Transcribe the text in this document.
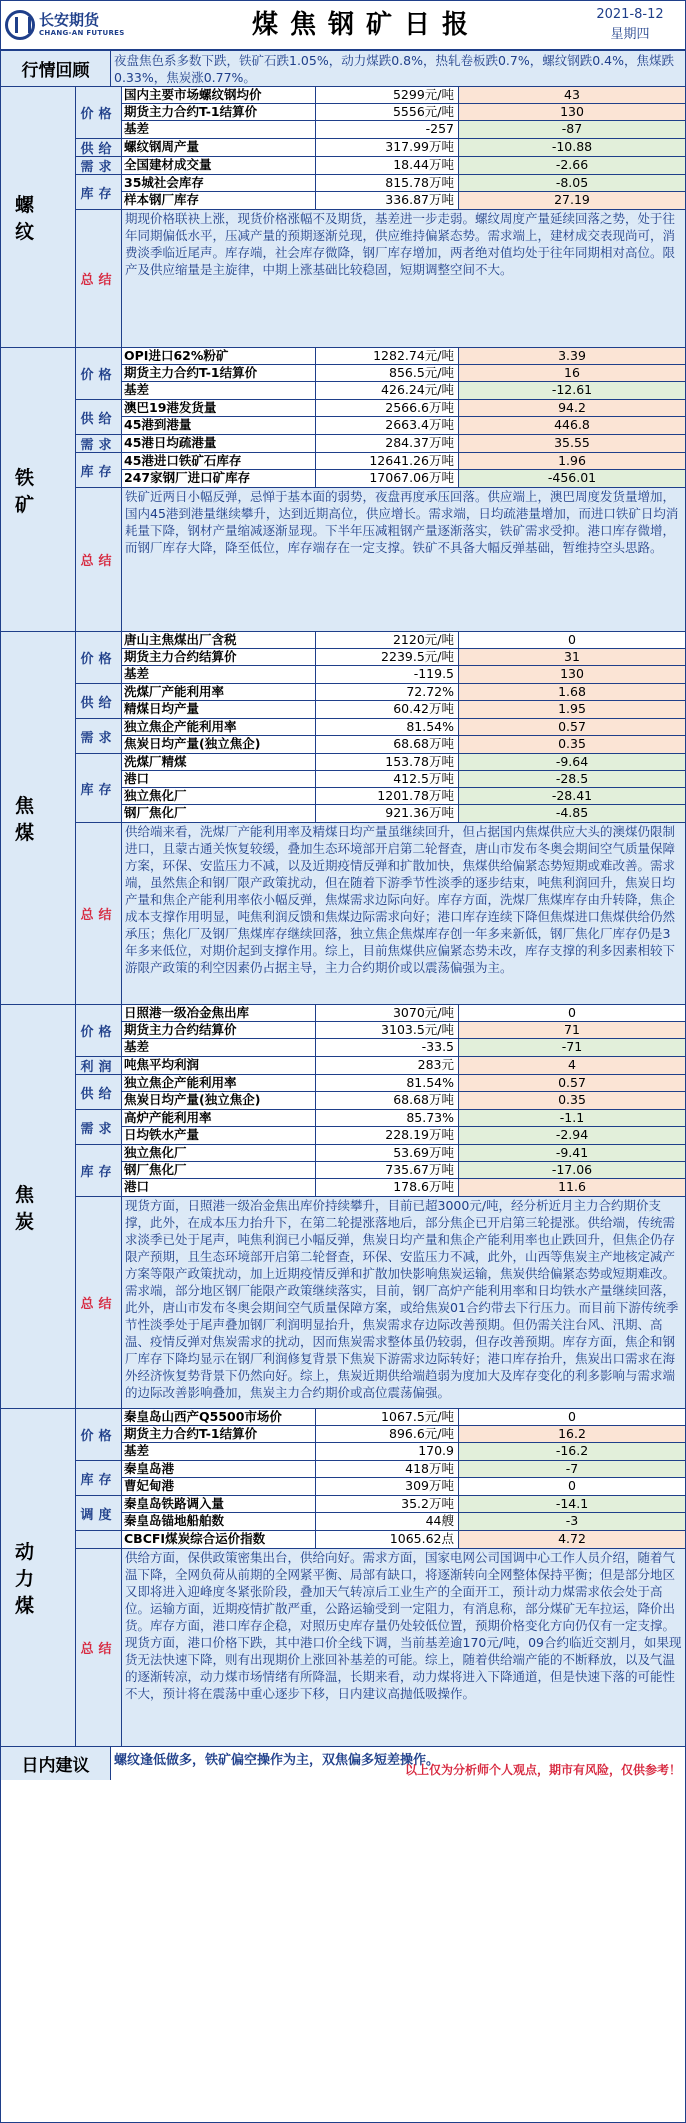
长安期货
CHANG-AN FUTURES	煤焦钢矿日报	2021-8-12
星期四
行情回顾
夜盘焦色系多数下跌，铁矿石跌1.05%，动力煤跌0.8%，热轧卷板跌0.7%，螺纹钢跌0.4%，焦煤跌0.33%，焦炭涨0.77%。
螺纹
价格
国内主要市场螺纹钢均价	5299元/吨	43
期货主力合约T-1结算价	5556元/吨	130
基差	-257	-87
供给 螺纹钢周产量	317.99万吨	-10.88
需求 全国建材成交量	18.44万吨	-2.66
库存
35城社会库存	815.78万吨	-8.05
样本钢厂库存	336.87万吨	27.19
总结
期现价格联袂上涨，现货价格涨幅不及期货，基差进一步走弱。螺纹周度产量延续回落之势，处于往年同期偏低水平，压减产量的预期逐渐兑现，供应维持偏紧态势。需求端上，建材成交表现尚可，消费淡季临近尾声。库存端，社会库存微降，钢厂库存增加，两者绝对值均处于往年同期相对高位。限产及供应缩量是主旋律，中期上涨基础比较稳固，短期调整空间不大。
铁矿
价格
OPI进口62%粉矿	1282.74元/吨	3.39
期货主力合约T-1结算价	856.5元/吨	16
基差	426.24元/吨	-12.61
供给
澳巴19港发货量	2566.6万吨	94.2
45港到港量	2663.4万吨	446.8
需求 45港日均疏港量	284.37万吨	35.55
库存
45港进口铁矿石库存	12641.26万吨	1.96
247家钢厂进口矿库存	17067.06万吨	-456.01
总结
铁矿近两日小幅反弹，忌惮于基本面的弱势，夜盘再度承压回落。供应端上，澳巴周度发货量增加，国内45港到港量继续攀升，达到近期高位，供应增长。需求端，日均疏港量增加，而进口铁矿日均消耗量下降，钢材产量缩减逐渐显现。下半年压减粗钢产量逐渐落实，铁矿需求受抑。港口库存微增，而钢厂库存大降，降至低位，库存端存在一定支撑。铁矿不具备大幅反弹基础，暂维持空头思路。
焦煤
价格
唐山主焦煤出厂含税	2120元/吨	0
期货主力合约结算价	2239.5元/吨	31
基差	-119.5	130
供给
洗煤厂产能利用率	72.72%	1.68
精煤日均产量	60.42万吨	1.95
需求
独立焦企产能利用率	81.54%	0.57
焦炭日均产量(独立焦企)	68.68万吨	0.35
库存
洗煤厂精煤	153.78万吨	-9.64
港口	412.5万吨	-28.5
独立焦化厂	1201.78万吨	-28.41
钢厂焦化厂	921.36万吨	-4.85
总结
供给端来看，洗煤厂产能利用率及精煤日均产量虽继续回升，但占据国内焦煤供应大头的澳煤仍限制进口，且蒙古通关恢复较缓，叠加生态环境部开启第二轮督查，唐山市发布冬奥会期间空气质量保障方案，环保、安监压力不减，以及近期疫情反弹和扩散加快，焦煤供给偏紧态势短期或难改善。需求端，虽然焦企和钢厂限产政策扰动，但在随着下游季节性淡季的逐步结束，吨焦利润回升，焦炭日均产量和焦企产能利用率依小幅反弹，焦煤需求边际向好。库存方面，洗煤厂焦煤库存由升转降，焦企成本支撑作用明显，吨焦利润反馈和焦煤边际需求向好；港口库存连续下降但焦煤进口焦煤供给仍然承压；焦化厂及钢厂焦煤库存继续回落，独立焦企焦煤库存创一年多来新低，钢厂焦化厂库存仍是3年多来低位，对期价起到支撑作用。综上，目前焦煤供应偏紧态势未改，库存支撑的利多因素相较下游限产政策的利空因素仍占据主导，主力合约期价或以震荡偏强为主。
焦炭
价格
日照港一级冶金焦出库	3070元/吨	0
期货主力合约结算价	3103.5元/吨	71
基差	-33.5	-71
利润 吨焦平均利润	283元	4
供给
独立焦企产能利用率	81.54%	0.57
焦炭日均产量(独立焦企)	68.68万吨	0.35
需求
高炉产能利用率	85.73%	-1.1
日均铁水产量	228.19万吨	-2.94
库存
独立焦化厂	53.69万吨	-9.41
钢厂焦化厂	735.67万吨	-17.06
港口	178.6万吨	11.6
总结
现货方面，日照港一级冶金焦出库价持续攀升，目前已超3000元/吨，经分析近月主力合约期价支撑，此外，在成本压力抬升下，在第二轮提涨落地后，部分焦企已开启第三轮提涨。供给端，传统需求淡季已处于尾声，吨焦利润已小幅反弹，焦炭日均产量和焦企产能利用率也止跌回升，但焦企仍存限产预期，且生态环境部开启第二轮督查，环保、安监压力不减，此外，山西等焦炭主产地核定减产方案等限产政策扰动，加上近期疫情反弹和扩散加快影响焦炭运输，焦炭供给偏紧态势或短期难改。需求端，部分地区钢厂能限产政策继续落实，目前，钢厂高炉产能利用率和日均铁水产量继续回落，此外，唐山市发布冬奥会期间空气质量保障方案，或给焦炭01合约带去下行压力。而目前下游传统季节性淡季处于尾声叠加钢厂利润明显抬升，焦炭需求存边际改善预期。但仍需关注台风、汛期、高温、疫情反弹对焦炭需求的扰动，因而焦炭需求整体虽仍较弱，但存改善预期。库存方面，焦企和钢厂库存下降均显示在钢厂利润修复背景下焦炭下游需求边际转好；港口库存抬升，焦炭出口需求在海外经济恢复势背景下仍然向好。综上，焦炭近期供给端趋弱为度加大及库存变化的利多影响与需求端的边际改善影响叠加，焦炭主力合约期价或高位震荡偏强。
动力煤
价格
秦皇岛山西产Q5500市场价	1067.5元/吨	0
期货主力合约T-1结算价	896.6元/吨	16.2
基差	170.9	-16.2
库存
秦皇岛港	418万吨	-7
曹妃甸港	309万吨	0
调度
秦皇岛铁路调入量	35.2万吨	-14.1
秦皇岛锚地船舶数	44艘	-3
CBCFI煤炭综合运价指数	1065.62点	4.72
总结
供给方面，保供政策密集出台，供给向好。需求方面，国家电网公司国调中心工作人员介绍，随着气温下降，全网负荷从前期的全网紧平衡、局部有缺口，将逐渐转向全网整体保持平衡；但是部分地区又即将进入迎峰度冬紧张阶段，叠加天气转凉后工业生产的全面开工，预计动力煤需求依会处于高位。运输方面，近期疫情扩散严重，公路运输受到一定阻力，有消息称，部分煤矿无车拉运，降价出货。库存方面，港口库存企稳，对照历史库存量仍处较低位置，预期价格变化方向仍仅有一定支撑。现货方面，港口价格下跌，其中港口价全线下调，当前基差逾170元/吨，09合约临近交割月，如果现货无法快速下降，则有出现期价上涨回补基差的可能。综上，随着供给端产能的不断释放，以及气温的逐渐转凉，动力煤市场情绪有所降温，长期来看，动力煤将进入下降通道，但是快速下落的可能性不大，预计将在震荡中重心逐步下移，日内建议高抛低吸操作。
日内建议	螺纹逢低做多，铁矿偏空操作为主，双焦偏多短差操作。
以上仅为分析师个人观点，期市有风险，仅供参考！
